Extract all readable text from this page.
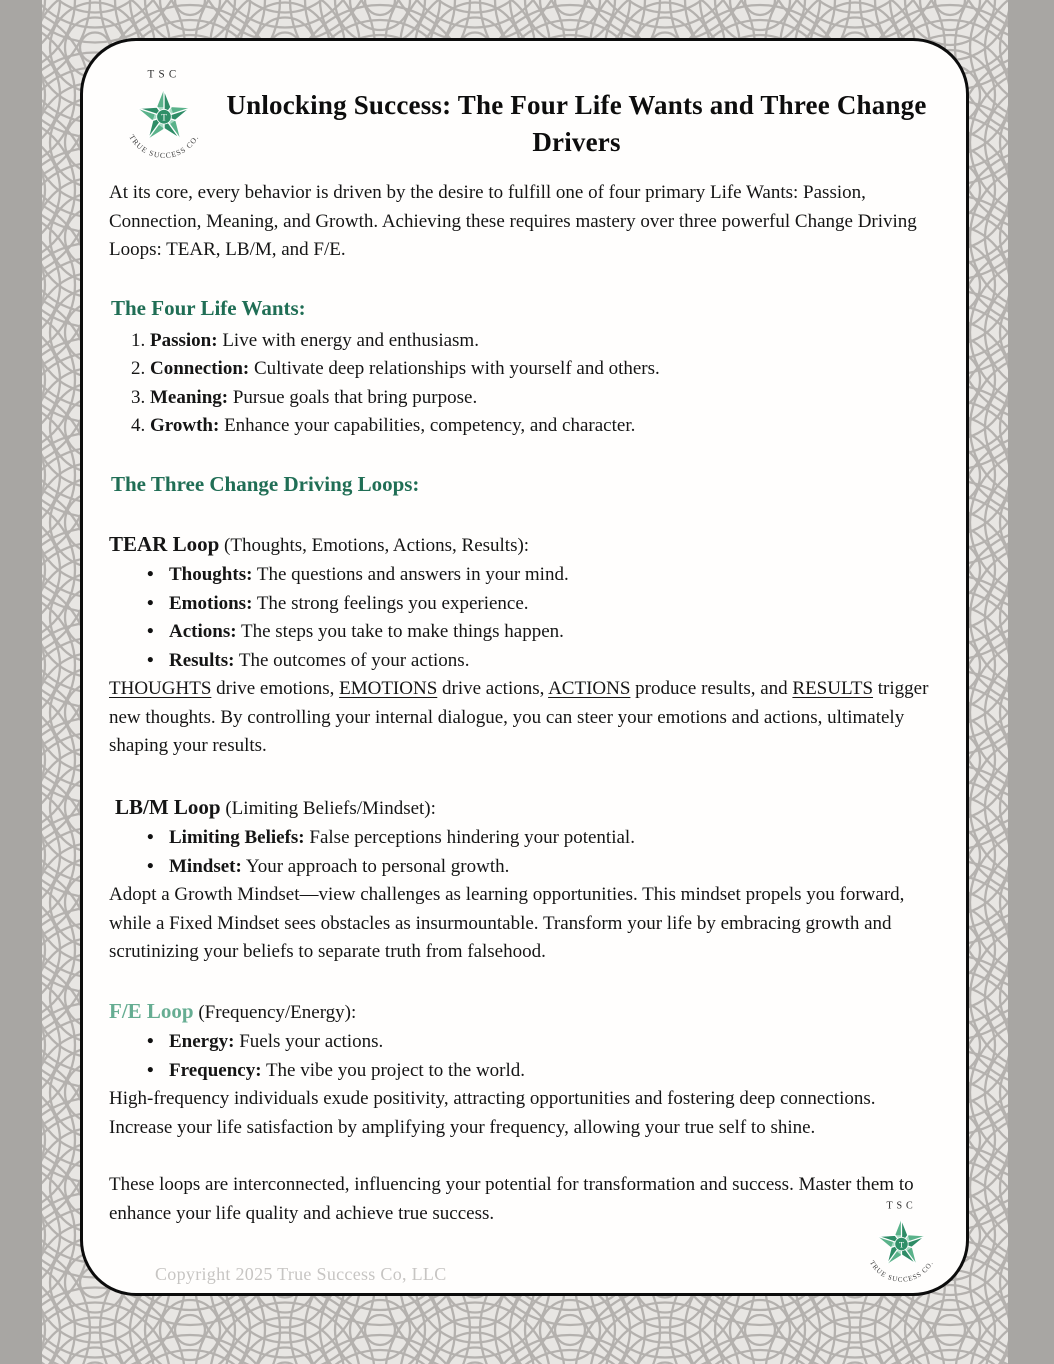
Unlocking Success: The Four Life Wants and Three Change Drivers

At its core, every behavior is driven by the desire to fulfill one of four primary Life Wants: Passion, Connection, Meaning, and Growth. Achieving these requires mastery over three powerful Change Driving Loops: TEAR, LB/M, and F/E.

The Four Life Wants:
1. Passion: Live with energy and enthusiasm.
2. Connection: Cultivate deep relationships with yourself and others.
3. Meaning: Pursue goals that bring purpose.
4. Growth: Enhance your capabilities, competency, and character.
The Three Change Driving Loops:

TEAR Loop (Thoughts, Emotions, Actions, Results):

• Thoughts: The questions and answers in your mind.
• Emotions: The strong feelings you experience.
• Actions: The steps you take to make things happen.
• Results: The outcomes of your actions.

THOUGHTS drive emotions, EMOTIONS drive actions, ACTIONS produce results, and RESULTS trigger new thoughts. By controlling your internal dialogue, you can steer your emotions and actions, ultimately shaping your results.

LB/M Loop (Limiting Beliefs/Mindset):

• Limiting Beliefs: False perceptions hindering your potential.
• Mindset: Your approach to personal growth.

Adopt a Growth Mindset—view challenges as learning opportunities. This mindset propels you forward, while a Fixed Mindset sees obstacles as insurmountable. Transform your life by embracing growth and scrutinizing your beliefs to separate truth from falsehood.

F/E Loop (Frequency/Energy):

• Energy: Fuels your actions.
• Frequency: The vibe you project to the world.

High-frequency individuals exude positivity, attracting opportunities and fostering deep connections. Increase your life satisfaction by amplifying your frequency, allowing your true self to shine.

These loops are interconnected, influencing your potential for transformation and success. Master them to enhance your life quality and achieve true success.

Copyright 2025 True Success Co, LLC
